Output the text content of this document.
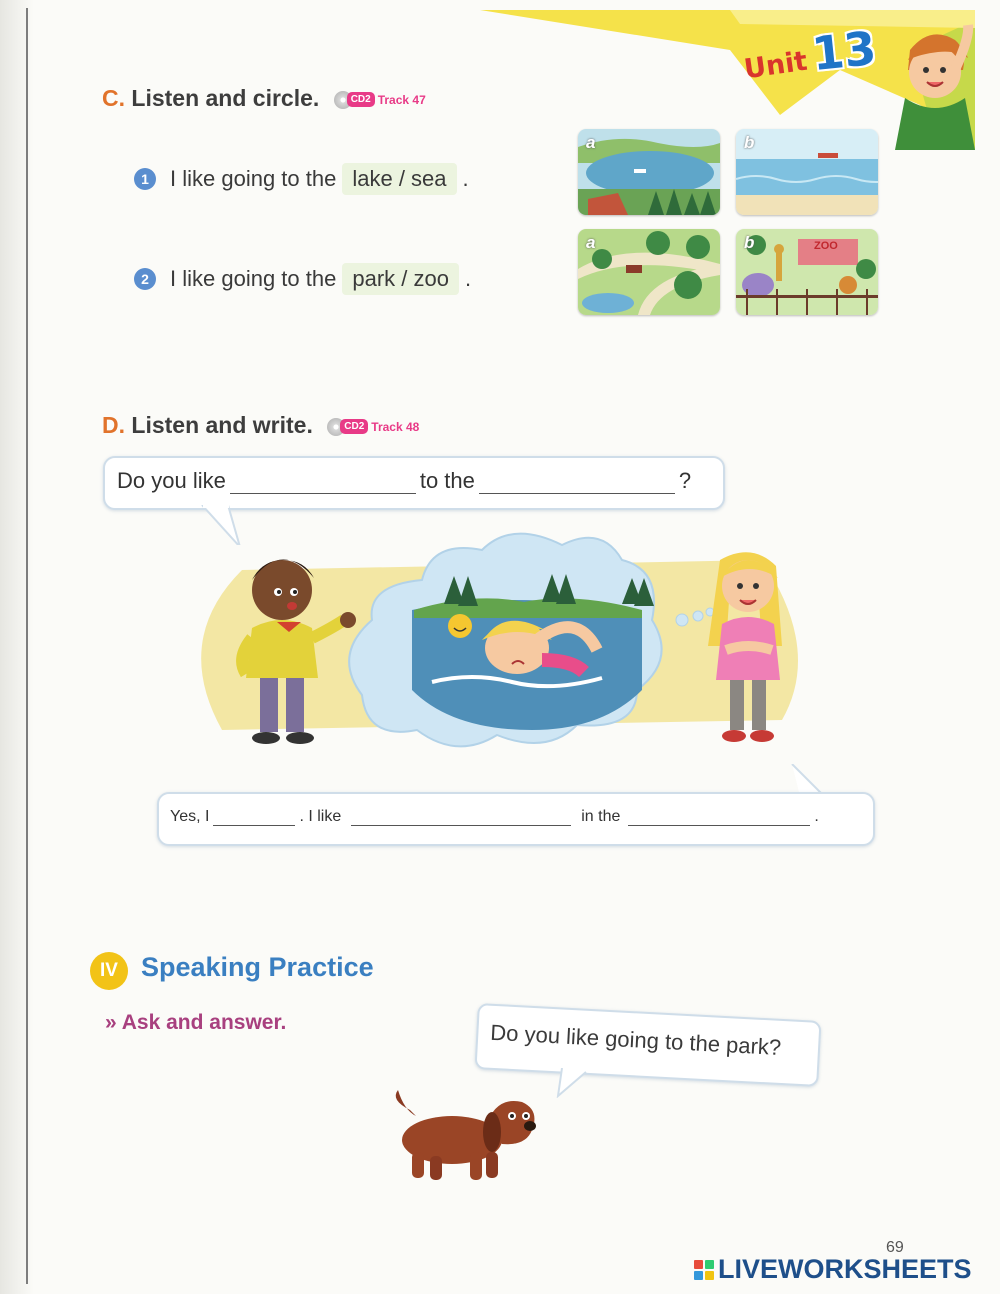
Unit 13
C. Listen and circle.	CD2 Track 47
1 I like going to the lake / sea .
2 I like going to the park / zoo .
a	b
a	ZOO
b
D. Listen and write.	CD2 Track 48
Do you like	to the	?
Yes, I	. I like	in the	.
IV Speaking Practice
» Ask and answer.	Do you like going to the park?
69
LIVEWORKSHEETS
